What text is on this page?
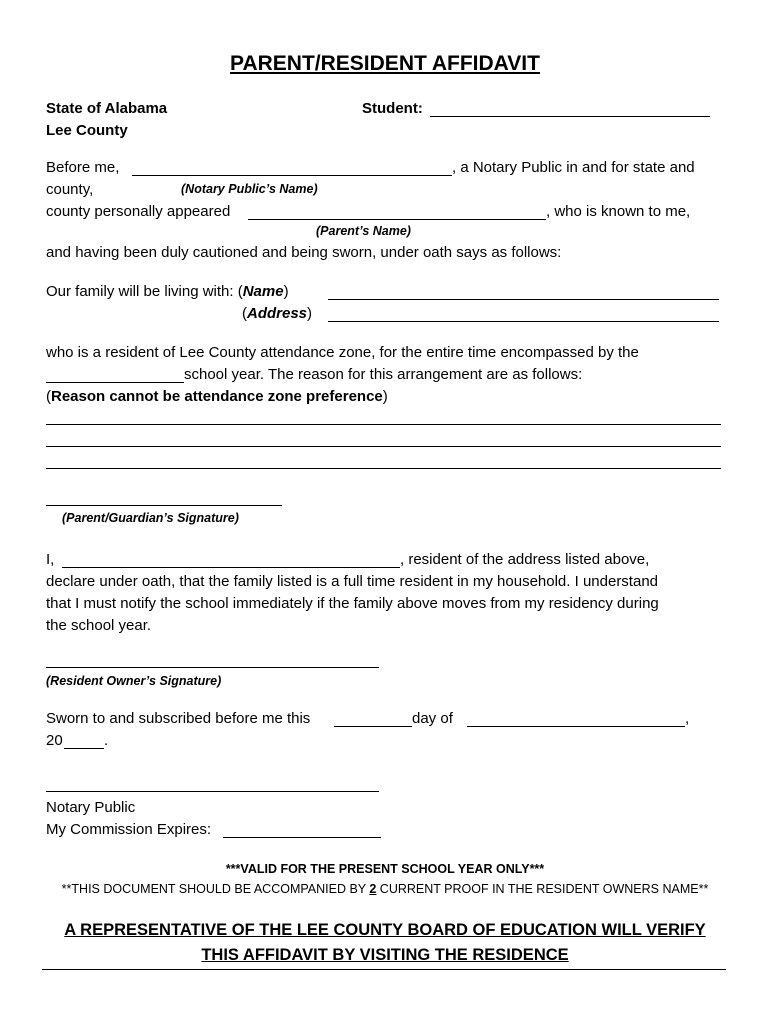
PARENT/RESIDENT AFFIDAVIT
State of Alabama
Lee County
Student:
Before me,	, a Notary Public in and for state and
county,	(Notary Public’s Name)
county personally appeared	, who is known to me,
(Parent’s Name)
and having been duly cautioned and being sworn, under oath says as follows:
Our family will be living with: (Name)
(Address)
who is a resident of Lee County attendance zone, for the entire time encompassed by the
school year. The reason for this arrangement are as follows:
(Reason cannot be attendance zone preference)
(Parent/Guardian’s Signature)
I,	, resident of the address listed above,
declare under oath, that the family listed is a full time resident in my household. I understand
that I must notify the school immediately if the family above moves from my residency during
the school year.
(Resident Owner’s Signature)
Sworn to and subscribed before me this	day of	,
20	.
Notary Public
My Commission Expires:
***VALID FOR THE PRESENT SCHOOL YEAR ONLY***
**THIS DOCUMENT SHOULD BE ACCOMPANIED BY 2 CURRENT PROOF IN THE RESIDENT OWNERS NAME**
A REPRESENTATIVE OF THE LEE COUNTY BOARD OF EDUCATION WILL VERIFY
THIS AFFIDAVIT BY VISITING THE RESIDENCE
